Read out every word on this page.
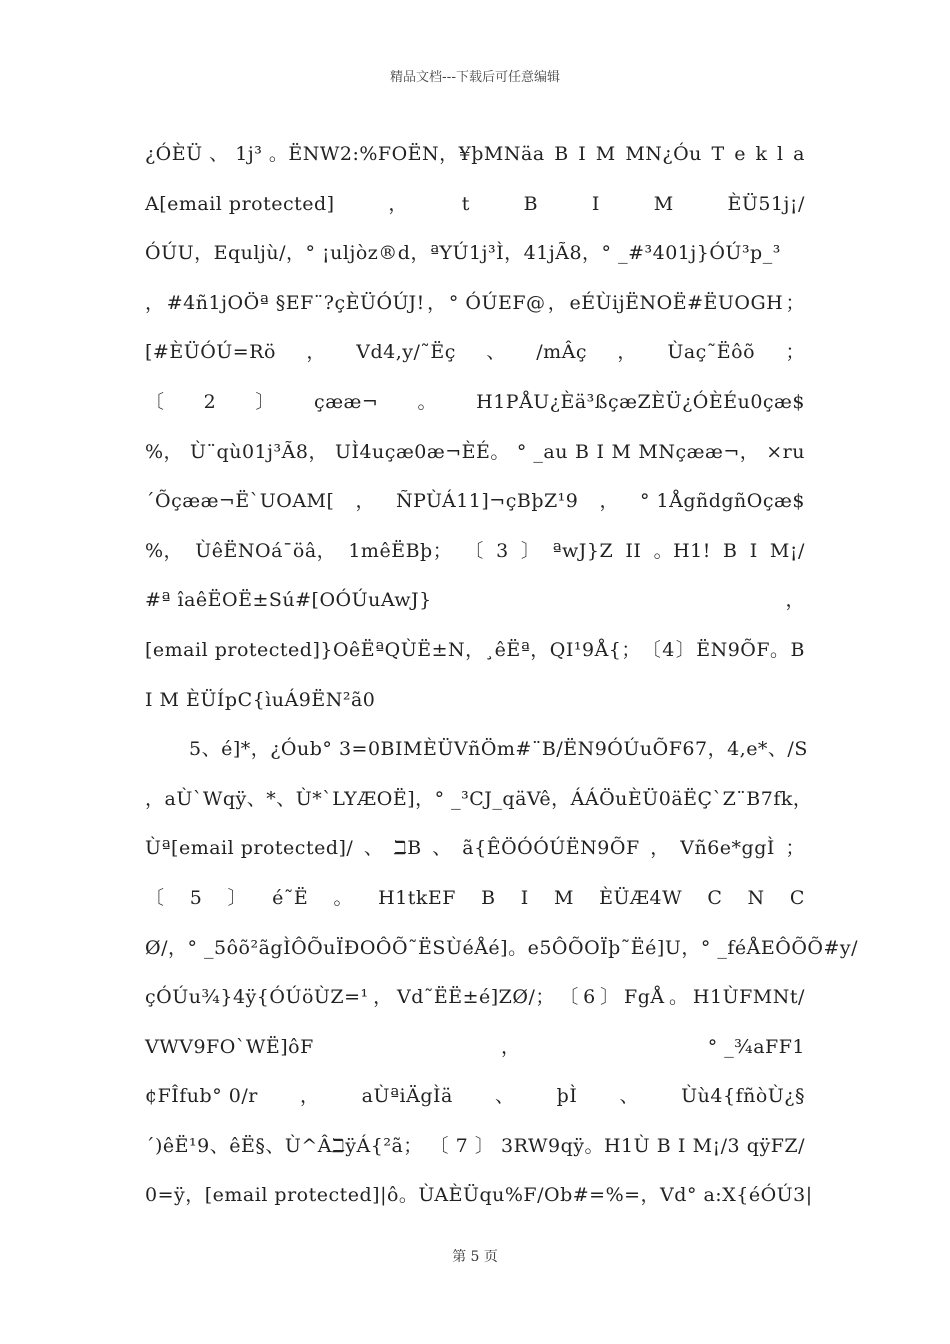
精品文档---下载后可任意编辑
¿ÓÈÜ 、 1j³ 。ËNW2:%FOËN，¥þMNäa B I M MN¿Óu T e k l a
A[email protected]	，	t	B	I	M	ÈÜ51j¡/
ÓÚU，Equljù/，° ¡uljòz®d，ªYÚ1j³Ì，41jÃ8，° _#³401j}ÓÚ³p_³
， #4ñ1jOÖª §EF¨?çÈÜÓÚJ! ， ° ÓÚEF@ ， eÉÙijËNOË#ËUOGH ；
[#ÈÜÓÚ=Rö ， Vd4,y/˜Ëç 、 /mÂç ， Ùaç˜Ëôõ ；
〔 2 〕 çææ¬ 。 H1PÅU¿Èä³ßçæZÈÜ¿ÓÈÉu0çæ$
%， Ù¨qù01j³Ã8， UÌ4uçæ0æ¬ÈÉ。 ° _au B I M MNçææ¬， ×ru
´Õçææ¬Ë`UOAM[ ， ÑPÙÁ11]¬çBþZ¹9 ， ° 1ÅgñdgñOçæ$
%， ÙêËNOá¯öâ， 1mêËBþ； 〔 3 〕 ªwJ}Z II 。H1! B I M¡/
#ª îaêËOË±Sú#[OÓÚuAwJ}	，
[email protected]}OêËªQÙË±N，¸êËª，QI¹9Å{； 〔 4 〕 ËN9ÕF。 B
I M ÈÜÍpC{ìuÁ9ËN²ã0
5、é]*，¿Óub° 3=0 B I M ÈÜVñÖm#¨B/ËN9ÓÚuÕF67，4,e*、/S
，aÙ`Wqÿ、*、Ù *`LYÆOË]，° _³CJ_qäVê，ÁÁÖuÈÜ0äËÇ`Z¨B7fk，
Ùª[email protected]/ 、 ℶB 、 ã{ÊÖÓÓÚËN9ÕF ， Vñ6e*ggÌ ；
〔 5 〕 é˜Ë 。 H1tkEF B I M ÈÜÆ4W C N C
Ø/，° _5ôõ²ãgÌÔÕuÏÐOÔÕ˜ËSÙéÅé]。e5ÔÕOÏþ˜Ëé]U，° _féÅEÔÕÕ#y/
çÓÚu¾}4ÿ{ÓÚöÙZ=¹ ， Vd˜ËË±é]ZØ/； 〔 6 〕 FgÅ 。 H1ÙFMNt/
VWV9FO`WË]ôF	，	° _¾aFF1
¢FÎfub° 0/r ， aÙªiÄgÌä 、 þÌ 、 Ùù4{fñòÙ¿§
´)êË¹9、êË§、Ù^ÂℶÿÁ{²ã； 〔 7 〕 3RW9qÿ。H1Ù B I M¡/3 qÿFZ/
0=ÿ，[email protected]|ô。ÙAÈÜ qu%F/Ob#=%=，Vd° a:X{éÓÚ3 |
第 5 页
